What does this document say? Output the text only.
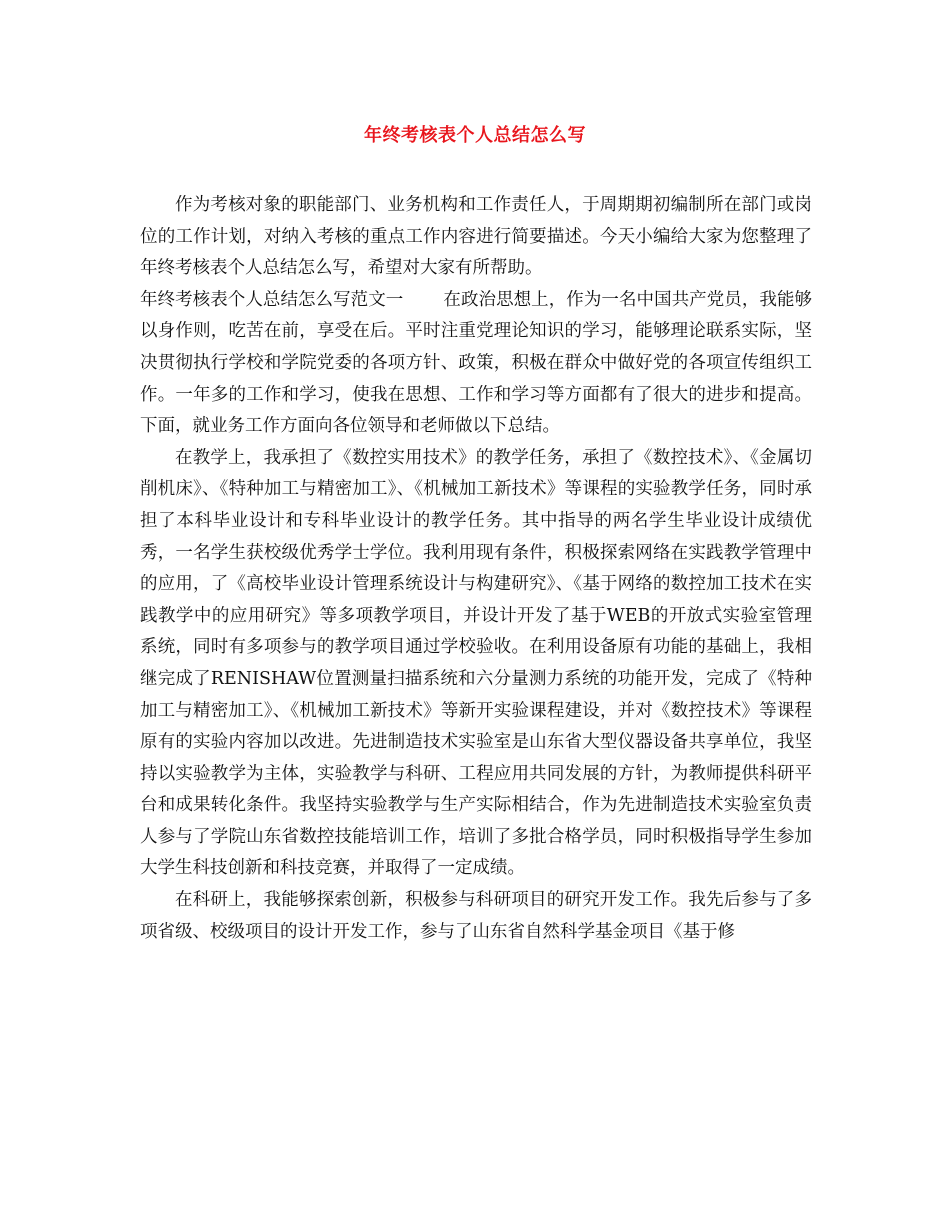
年终考核表个人总结怎么写

作为考核对象的职能部门、业务机构和工作责任人，于周期期初编制所在部门或岗位的工作计划，对纳入考核的重点工作内容进行简要描述。今天小编给大家为您整理了年终考核表个人总结怎么写，希望对大家有所帮助。

年终考核表个人总结怎么写范文一 在政治思想上，作为一名中国共产党员，我能够以身作则，吃苦在前，享受在后。平时注重党理论知识的学习，能够理论联系实际，坚决贯彻执行学校和学院党委的各项方针、政策，积极在群众中做好党的各项宣传组织工作。一年多的工作和学习，使我在思想、工作和学习等方面都有了很大的进步和提高。下面，就业务工作方面向各位领导和老师做以下总结。

在教学上，我承担了《数控实用技术》的教学任务，承担了《数控技术》、《金属切削机床》、《特种加工与精密加工》、《机械加工新技术》等课程的实验教学任务，同时承担了本科毕业设计和专科毕业设计的教学任务。其中指导的两名学生毕业设计成绩优秀，一名学生获校级优秀学士学位。我利用现有条件，积极探索网络在实践教学管理中的应用，了《高校毕业设计管理系统设计与构建研究》、《基于网络的数控加工技术在实践教学中的应用研究》等多项教学项目，并设计开发了基于WEB的开放式实验室管理系统，同时有多项参与的教学项目通过学校验收。在利用设备原有功能的基础上，我相继完成了RENISHAW位置测量扫描系统和六分量测力系统的功能开发，完成了《特种加工与精密加工》、《机械加工新技术》等新开实验课程建设，并对《数控技术》等课程原有的实验内容加以改进。先进制造技术实验室是山东省大型仪器设备共享单位，我坚持以实验教学为主体，实验教学与科研、工程应用共同发展的方针，为教师提供科研平台和成果转化条件。我坚持实验教学与生产实际相结合，作为先进制造技术实验室负责人参与了学院山东省数控技能培训工作，培训了多批合格学员，同时积极指导学生参加大学生科技创新和科技竞赛，并取得了一定成绩。

在科研上，我能够探索创新，积极参与科研项目的研究开发工作。我先后参与了多项省级、校级项目的设计开发工作，参与了山东省自然科学基金项目《基于修
